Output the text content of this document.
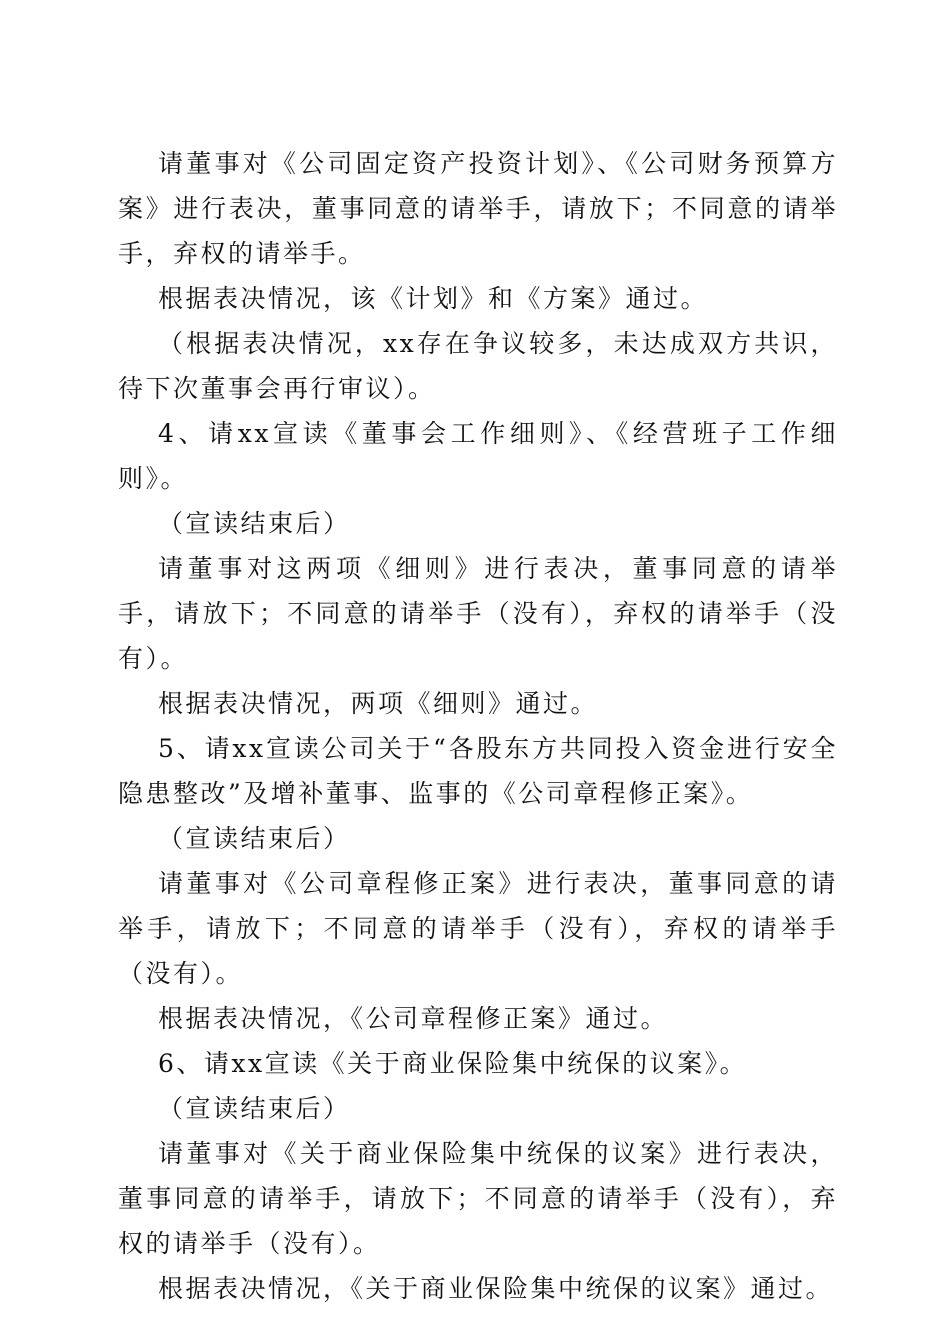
请董事对《公司固定资产投资计划》、《公司财务预算方案》进行表决，董事同意的请举手，请放下；不同意的请举手，弃权的请举手。

根据表决情况，该《计划》和《方案》通过。

（根据表决情况，xx存在争议较多，未达成双方共识，待下次董事会再行审议）。

4、请xx宣读《董事会工作细则》、《经营班子工作细则》。

（宣读结束后）

请董事对这两项《细则》进行表决，董事同意的请举手，请放下；不同意的请举手（没有），弃权的请举手（没有）。

根据表决情况，两项《细则》通过。

5、请xx宣读公司关于“各股东方共同投入资金进行安全隐患整改”及增补董事、监事的《公司章程修正案》。

（宣读结束后）

请董事对《公司章程修正案》进行表决，董事同意的请举手，请放下；不同意的请举手（没有），弃权的请举手（没有）。

根据表决情况，《公司章程修正案》通过。

6、请xx宣读《关于商业保险集中统保的议案》。

（宣读结束后）

请董事对《关于商业保险集中统保的议案》进行表决，董事同意的请举手，请放下；不同意的请举手（没有），弃权的请举手（没有）。

根据表决情况，《关于商业保险集中统保的议案》通过。
